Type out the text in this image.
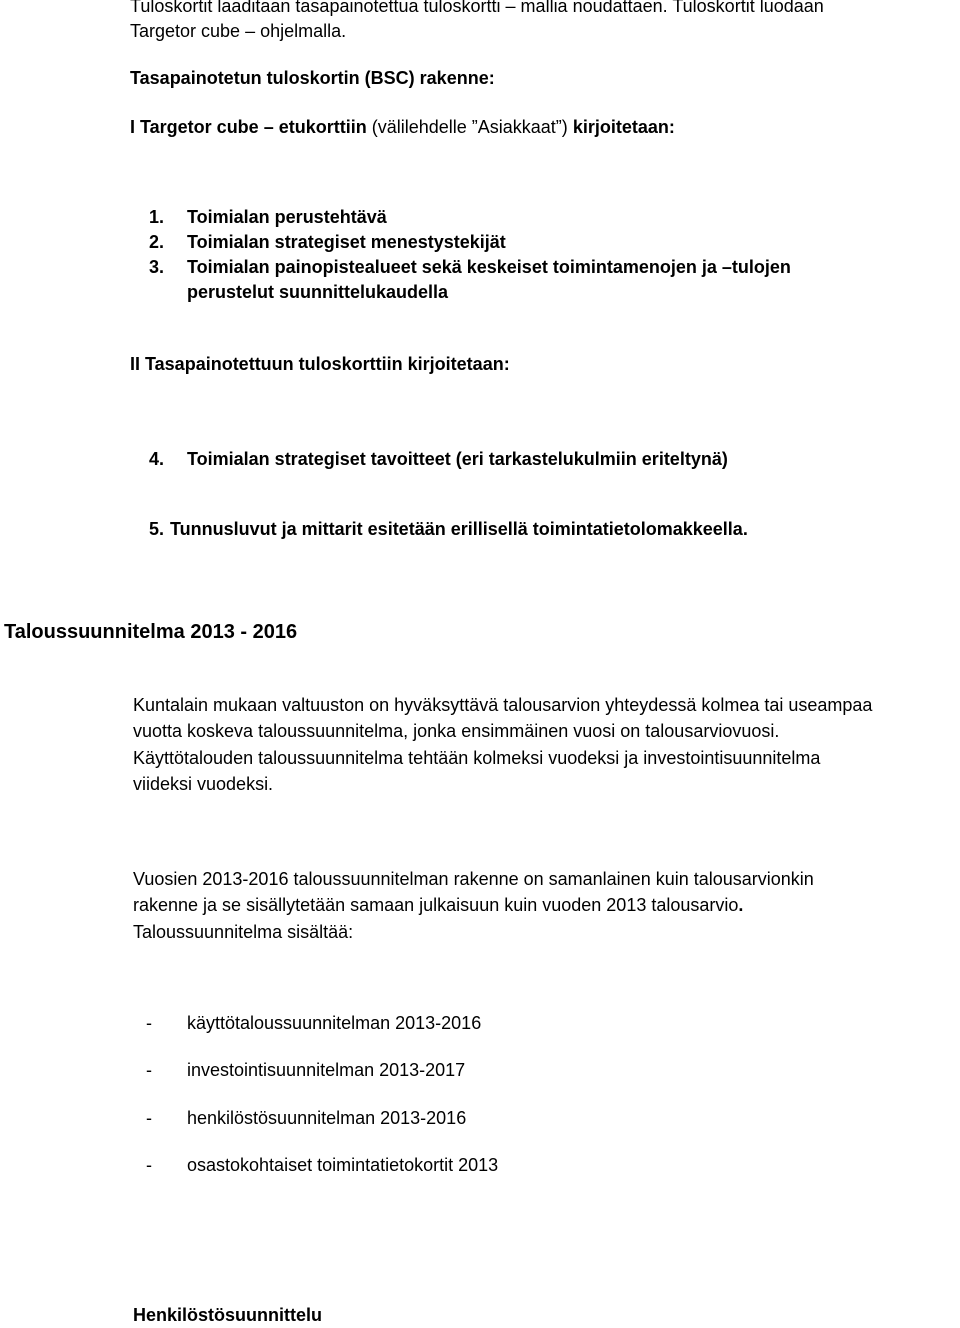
Tuloskortit laaditaan tasapainotettua tuloskortti – mallia noudattaen. Tuloskortit luodaan
Targetor cube – ohjelmalla.
Tasapainotetun tuloskortin (BSC) rakenne:
I Targetor cube – etukorttiin (välilehdelle ”Asiakkaat”) kirjoitetaan:
1. Toimialan perustehtävä
2. Toimialan strategiset menestystekijät
3. Toimialan painopistealueet sekä keskeiset toimintamenojen ja –tulojen
perustelut suunnittelukaudella
II Tasapainotettuun tuloskorttiin kirjoitetaan:
4. Toimialan strategiset tavoitteet (eri tarkastelukulmiin eriteltynä)
5. Tunnusluvut ja mittarit esitetään erillisellä toimintatietolomakkeella.
Taloussuunnitelma 2013 - 2016
Kuntalain mukaan valtuuston on hyväksyttävä talousarvion yhteydessä kolmea tai useampaa
vuotta koskeva taloussuunnitelma, jonka ensimmäinen vuosi on talousarviovuosi.
Käyttötalouden taloussuunnitelma tehtään kolmeksi vuodeksi ja investointisuunnitelma
viideksi vuodeksi.
Vuosien 2013-2016 taloussuunnitelman rakenne on samanlainen kuin talousarvionkin
rakenne ja se sisällytetään samaan julkaisuun kuin vuoden 2013 talousarvio.
Taloussuunnitelma sisältää:
- käyttötaloussuunnitelman 2013-2016
- investointisuunnitelman 2013-2017
- henkilöstösuunnitelman 2013-2016
- osastokohtaiset toimintatietokortit 2013
Henkilöstösuunnittelu
